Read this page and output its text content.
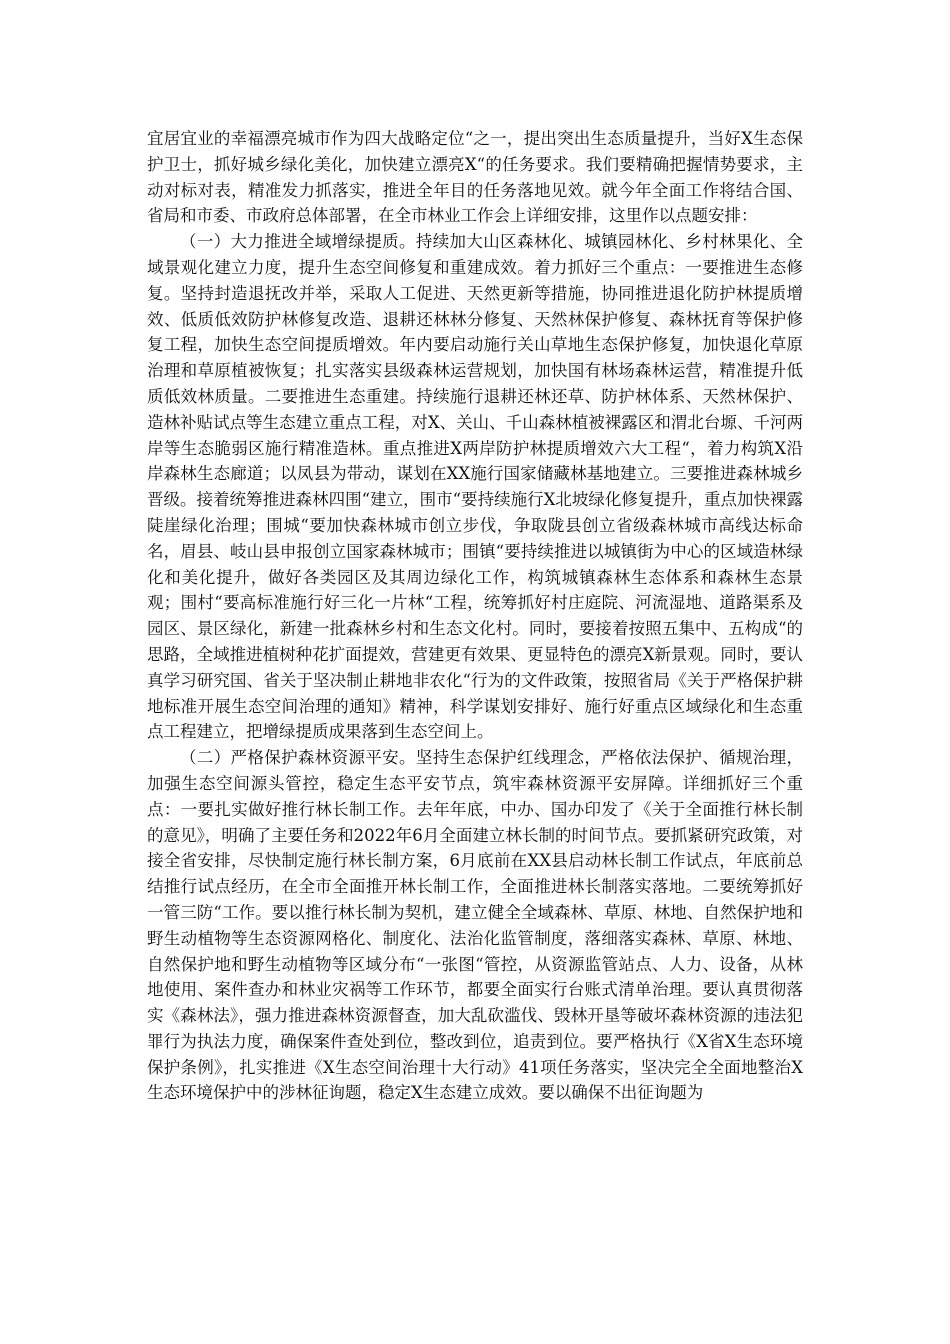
宜居宜业的幸福漂亮城市作为四大战略定位“之一，提出突出生态质量提升，当好X生态保护卫士，抓好城乡绿化美化，加快建立漂亮X“的任务要求。我们要精确把握情势要求，主动对标对表，精准发力抓落实，推进全年目的任务落地见效。就今年全面工作将结合国、省局和市委、市政府总体部署，在全市林业工作会上详细安排，这里作以点题安排：

（一）大力推进全域增绿提质。持续加大山区森林化、城镇园林化、乡村林果化、全域景观化建立力度，提升生态空间修复和重建成效。着力抓好三个重点：一要推进生态修复。坚持封造退抚改并举，采取人工促进、天然更新等措施，协同推进退化防护林提质增效、低质低效防护林修复改造、退耕还林林分修复、天然林保护修复、森林抚育等保护修复工程，加快生态空间提质增效。年内要启动施行关山草地生态保护修复，加快退化草原治理和草原植被恢复；扎实落实县级森林运营规划，加快国有林场森林运营，精准提升低质低效林质量。二要推进生态重建。持续施行退耕还林还草、防护林体系、天然林保护、造林补贴试点等生态建立重点工程，对X、关山、千山森林植被裸露区和渭北台塬、千河两岸等生态脆弱区施行精准造林。重点推进X两岸防护林提质增效六大工程“，着力构筑X沿岸森林生态廊道；以凤县为带动，谋划在XX施行国家储藏林基地建立。三要推进森林城乡晋级。接着统筹推进森林四围“建立，围市“要持续施行X北坡绿化修复提升，重点加快裸露陡崖绿化治理；围城“要加快森林城市创立步伐，争取陇县创立省级森林城市高线达标命名，眉县、岐山县申报创立国家森林城市；围镇“要持续推进以城镇街为中心的区域造林绿化和美化提升，做好各类园区及其周边绿化工作，构筑城镇森林生态体系和森林生态景观；围村“要高标准施行好三化一片林“工程，统筹抓好村庄庭院、河流湿地、道路渠系及园区、景区绿化，新建一批森林乡村和生态文化村。同时，要接着按照五集中、五构成“的思路，全域推进植树种花扩面提效，营建更有效果、更显特色的漂亮X新景观。同时，要认真学习研究国、省关于坚决制止耕地非农化“行为的文件政策，按照省局《关于严格保护耕地标准开展生态空间治理的通知》精神，科学谋划安排好、施行好重点区域绿化和生态重点工程建立，把增绿提质成果落到生态空间上。

（二）严格保护森林资源平安。坚持生态保护红线理念，严格依法保护、循规治理，加强生态空间源头管控，稳定生态平安节点，筑牢森林资源平安屏障。详细抓好三个重点：一要扎实做好推行林长制工作。去年年底，中办、国办印发了《关于全面推行林长制的意见》，明确了主要任务和2022年6月全面建立林长制的时间节点。要抓紧研究政策，对接全省安排，尽快制定施行林长制方案，6月底前在XX县启动林长制工作试点，年底前总结推行试点经历，在全市全面推开林长制工作，全面推进林长制落实落地。二要统筹抓好一管三防“工作。要以推行林长制为契机，建立健全全域森林、草原、林地、自然保护地和野生动植物等生态资源网格化、制度化、法治化监管制度，落细落实森林、草原、林地、自然保护地和野生动植物等区域分布“一张图“管控，从资源监管站点、人力、设备，从林地使用、案件查办和林业灾祸等工作环节，都要全面实行台账式清单治理。要认真贯彻落实《森林法》，强力推进森林资源督查，加大乱砍滥伐、毁林开垦等破坏森林资源的违法犯罪行为执法力度，确保案件查处到位，整改到位，追责到位。要严格执行《X省X生态环境保护条例》，扎实推进《X生态空间治理十大行动》41项任务落实，坚决完全全面地整治X生态环境保护中的涉林征询题，稳定X生态建立成效。要以确保不出征询题为
